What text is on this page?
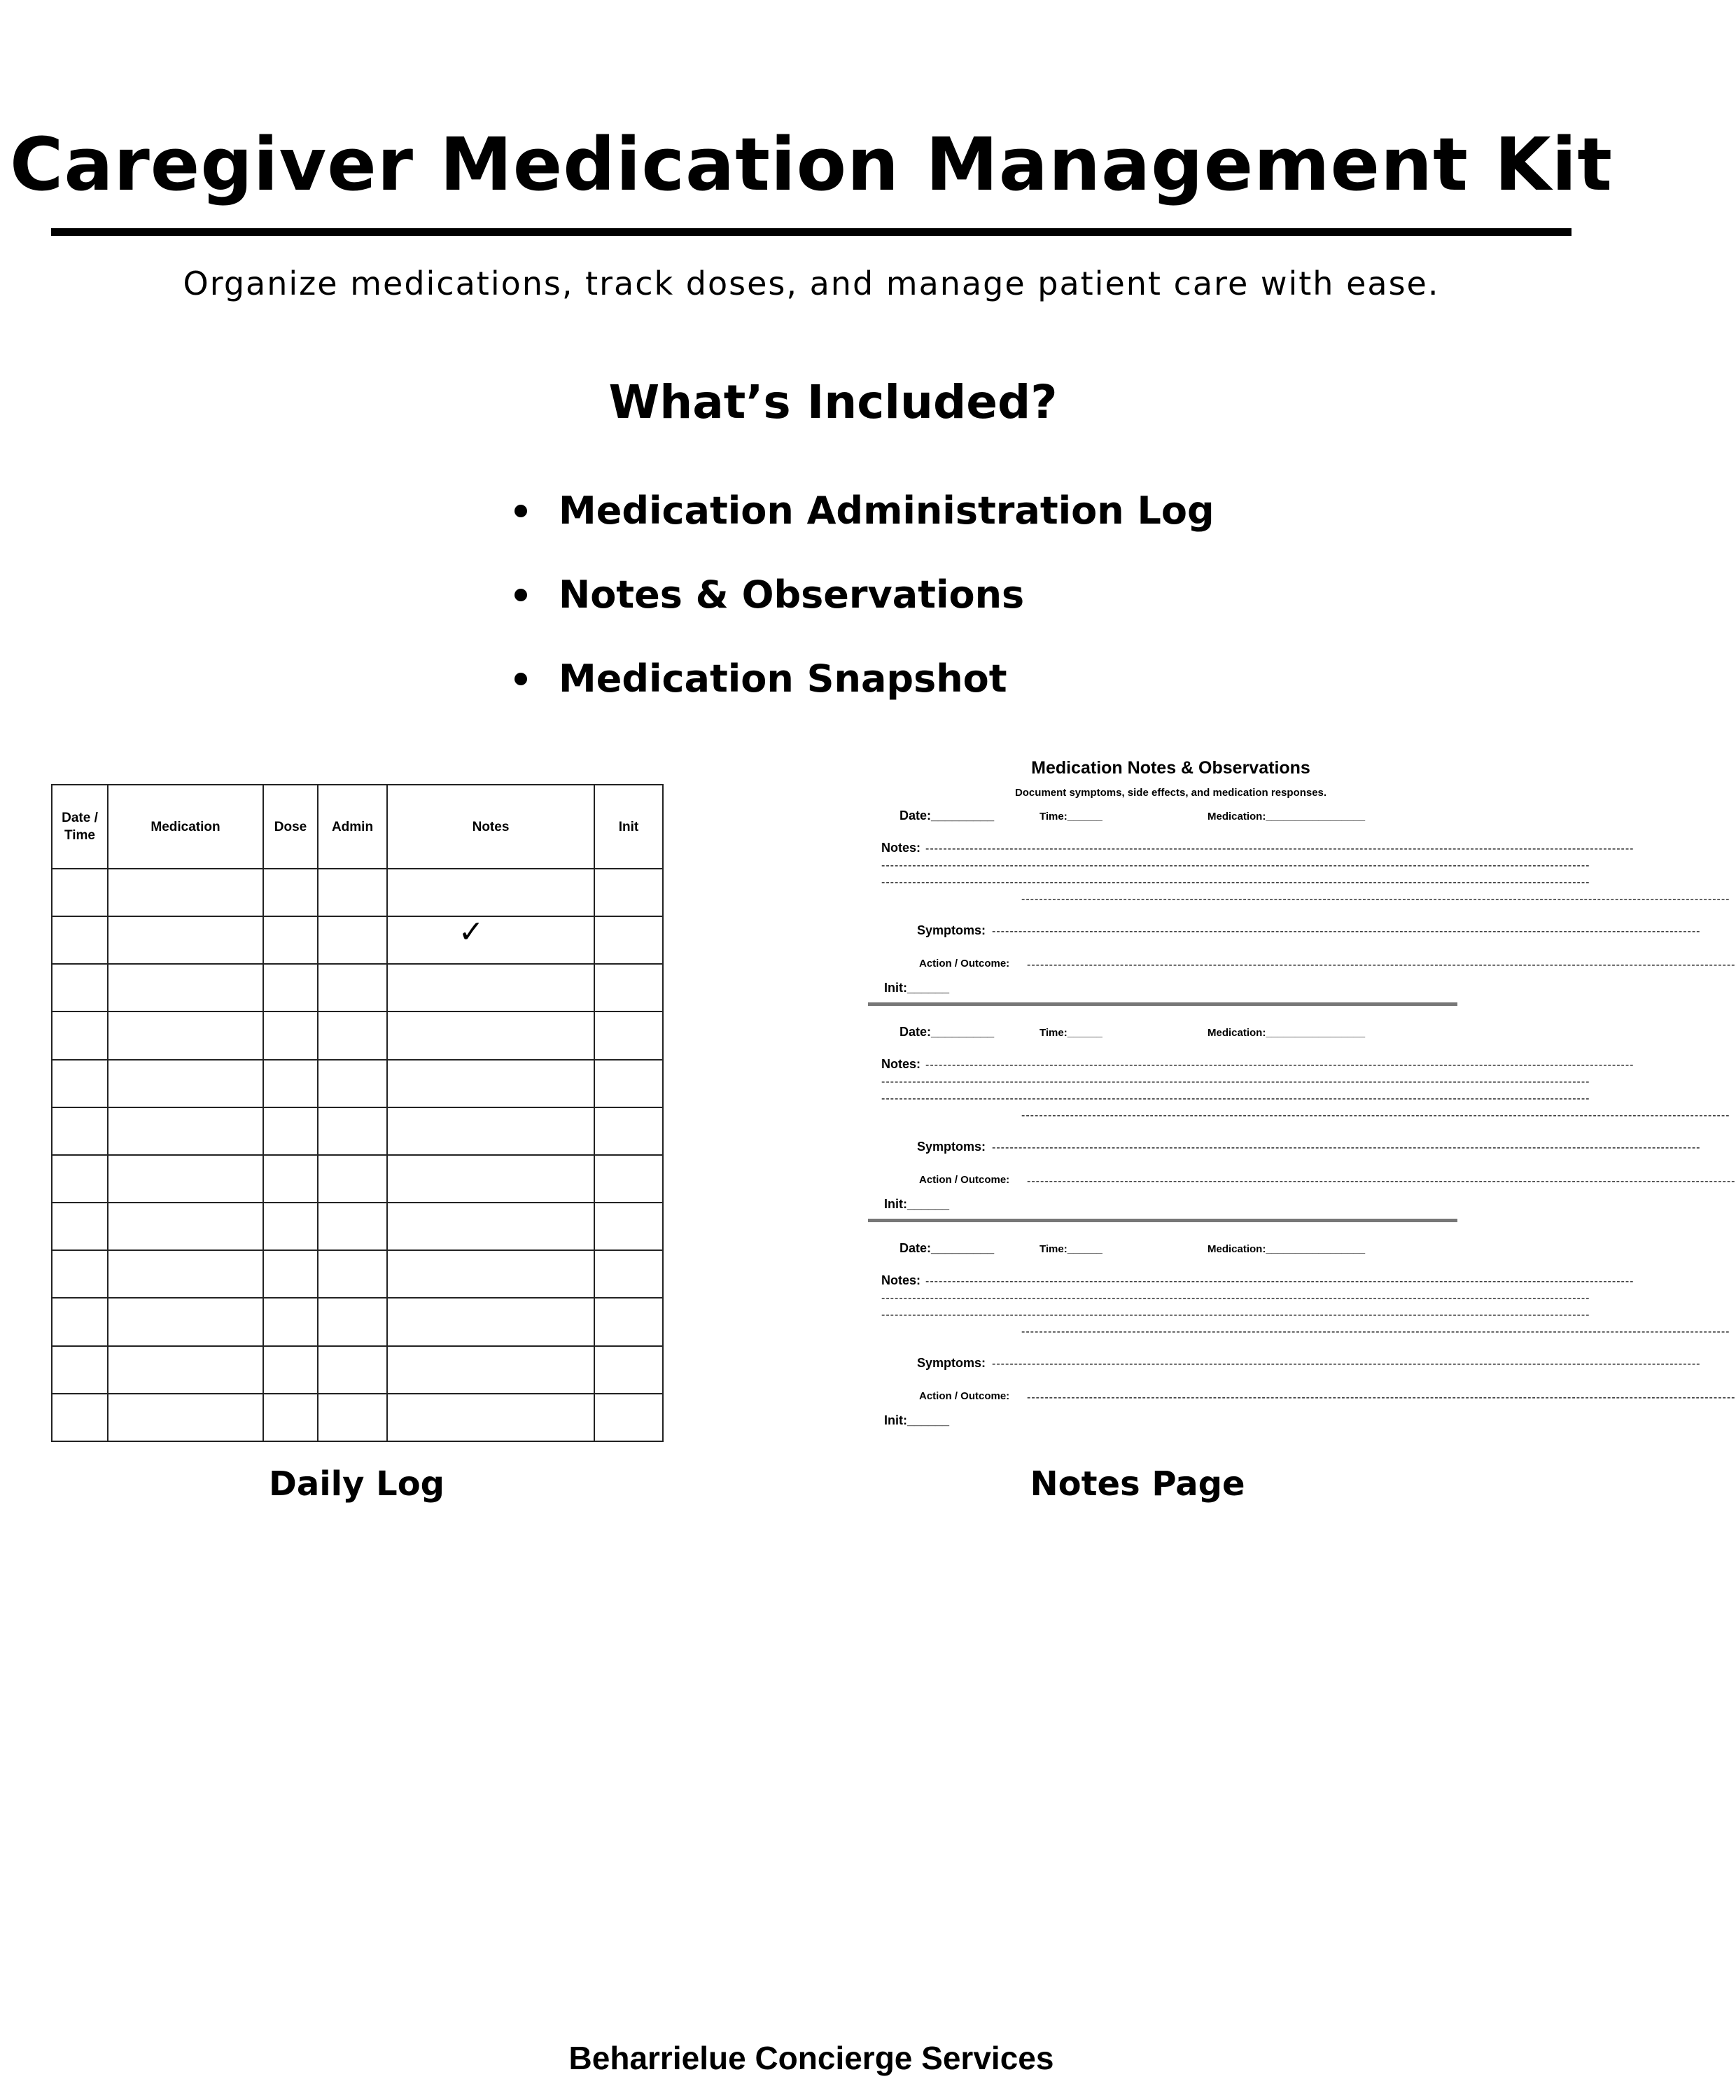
Caregiver Medication Management Kit
Organize medications, track doses, and manage patient care with ease.
What’s Included?
Medication Administration Log
Notes & Observations
Medication Snapshot
Date / Time	Medication	Dose	Admin	Notes	Init

				✓	

Daily Log
Medication Notes & Observations
Document symptoms, side effects, and medication responses.
Date:_________	Time:______	Medication:_________________
Notes: ----------------------------------------------------------------------------------------------------------------------------------------------------------------
----------------------------------------------------------------------------------------------------------------------------------------------------------------
----------------------------------------------------------------------------------------------------------------------------------------------------------------
----------------------------------------------------------------------------------------------------------------------------------------------------------------
Symptoms: ----------------------------------------------------------------------------------------------------------------------------------------------------------------
Action / Outcome: ----------------------------------------------------------------------------------------------------------------------------------------------------------------
Init:______
Date:_________	Time:______	Medication:_________________
Notes: ----------------------------------------------------------------------------------------------------------------------------------------------------------------
----------------------------------------------------------------------------------------------------------------------------------------------------------------
----------------------------------------------------------------------------------------------------------------------------------------------------------------
----------------------------------------------------------------------------------------------------------------------------------------------------------------
Symptoms: ----------------------------------------------------------------------------------------------------------------------------------------------------------------
Action / Outcome: ----------------------------------------------------------------------------------------------------------------------------------------------------------------
Init:______
Date:_________	Time:______	Medication:_________________
Notes: ----------------------------------------------------------------------------------------------------------------------------------------------------------------
----------------------------------------------------------------------------------------------------------------------------------------------------------------
----------------------------------------------------------------------------------------------------------------------------------------------------------------
----------------------------------------------------------------------------------------------------------------------------------------------------------------
Symptoms: ----------------------------------------------------------------------------------------------------------------------------------------------------------------
Action / Outcome: ----------------------------------------------------------------------------------------------------------------------------------------------------------------
Init:______
Notes Page
Beharrielue Concierge Services
